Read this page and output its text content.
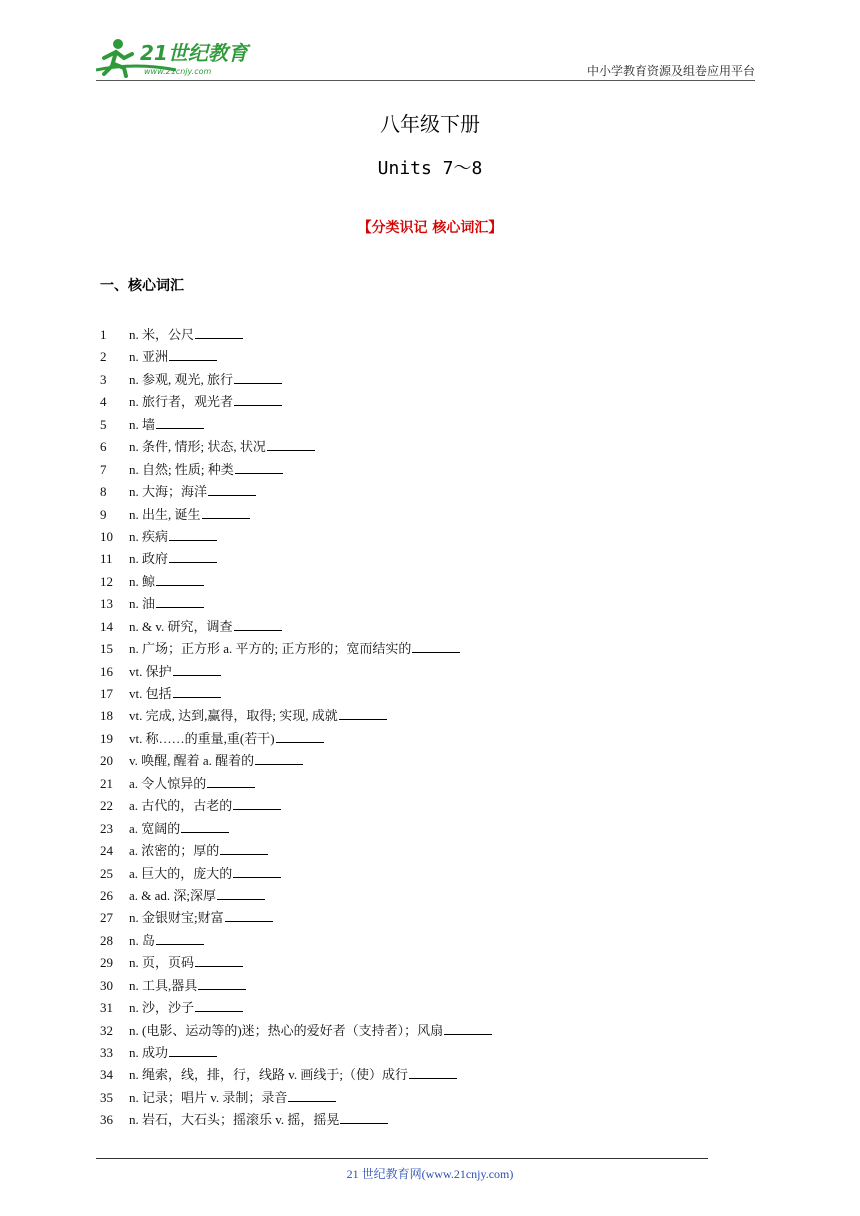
21世纪教育
www.21cnjy.com	中小学教育资源及组卷应用平台
八年级下册
Units 7～8
【分类识记 核心词汇】
一、核心词汇
1 n. 米，公尺
2 n. 亚洲
3 n. 参观, 观光, 旅行
4 n. 旅行者，观光者
5 n. 墙
6 n. 条件, 情形; 状态, 状况
7 n. 自然; 性质; 种类
8 n. 大海；海洋
9 n. 出生, 诞生
10 n. 疾病
11 n. 政府
12 n. 鲸
13 n. 油
14 n. & v. 研究，调查
15 n. 广场；正方形 a. 平方的; 正方形的；宽而结实的
16 vt. 保护
17 vt. 包括
18 vt. 完成, 达到,赢得，取得; 实现, 成就
19 vt. 称……的重量,重(若干)
20 v. 唤醒, 醒着 a. 醒着的
21 a. 令人惊异的
22 a. 古代的，古老的
23 a. 宽阔的
24 a. 浓密的；厚的
25 a. 巨大的，庞大的
26 a. & ad. 深;深厚
27 n. 金银财宝;财富
28 n. 岛
29 n. 页，页码
30 n. 工具,器具
31 n. 沙，沙子
32 n. (电影、运动等的)迷；热心的爱好者（支持者）；风扇
33 n. 成功
34 n. 绳索，线，排，行，线路 v. 画线于;（使）成行
35 n. 记录；唱片 v. 录制；录音
36 n. 岩石，大石头；摇滚乐 v. 摇，摇晃
21 世纪教育网(www.21cnjy.com)
